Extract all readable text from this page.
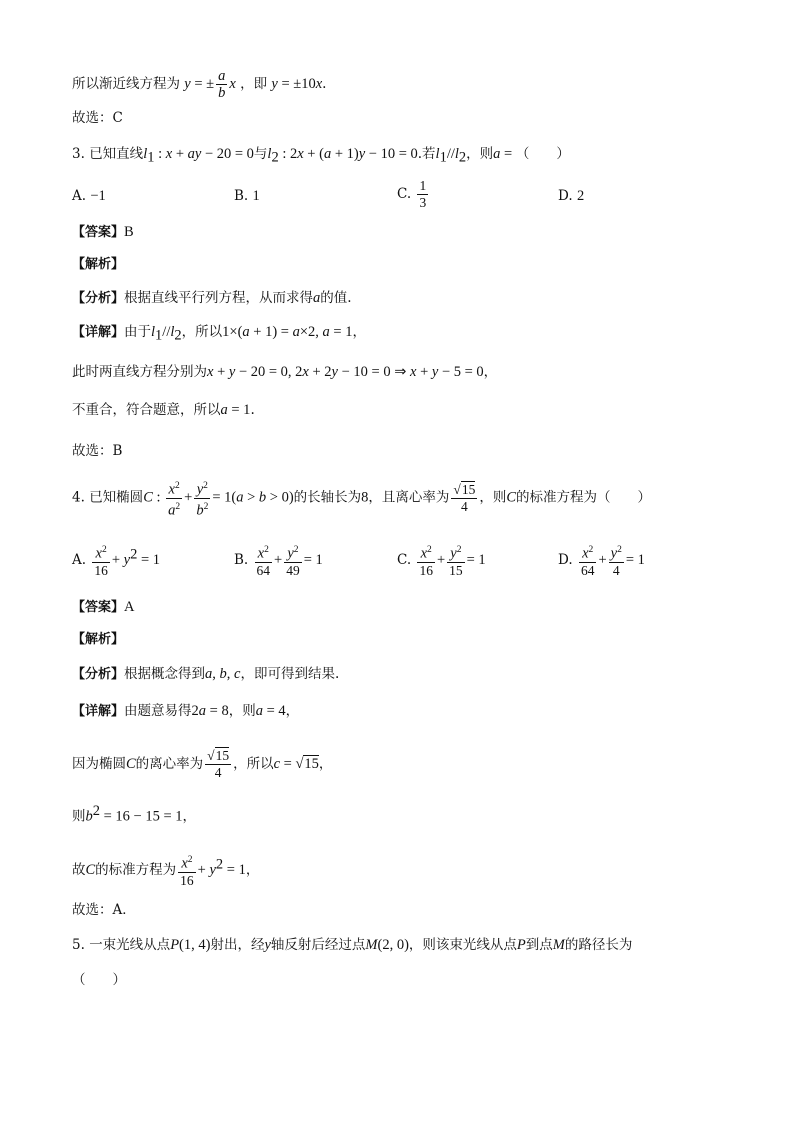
所以渐近线方程为 y = ± $\frac{a}{b}$ x ，即 y = ±10x.
故选：C
3. 已知直线$l_1$ : x + ay − 20 = 0与$l_2$ : 2x + (a + 1)y − 10 = 0.若$l_1//l_2$，则a = （　　）
A. −1	B. 1	C. $\frac{1}{3}$	D. 2
【答案】B
【解析】
【分析】根据直线平行列方程，从而求得a的值.
【详解】由于$l_1//l_2$，所以1×(a + 1) = a×2, a = 1，
此时两直线方程分别为x + y − 20 = 0, 2x + 2y − 10 = 0 ⇒ x + y − 5 = 0，
不重合，符合题意，所以a = 1.
故选：B
4. 已知椭圆C : $\frac{x^2}{a^2} + \frac{y^2}{b^2} = 1(a > b > 0)$的长轴长为8，且离心率为 $\frac{√15}{4}$ ，则C的标准方程为（　　）
A. $\frac{x^2}{16} + y^2 = 1$	B. $\frac{x^2}{64} + \frac{y^2}{49} = 1$	C. $\frac{x^2}{16} + \frac{y^2}{15} = 1$	D. $\frac{x^2}{64} + \frac{y^2}{4} = 1$
【答案】A
【解析】
【分析】根据概念得到a, b, c，即可得到结果.
【详解】由题意易得2a = 8，则a = 4，
因为椭圆C的离心率为 $\frac{√15}{4}$ ，所以c = √15，
则$b^2 = 16 - 15 = 1$，
故C的标准方程为 $\frac{x^2}{16} + y^2 = 1$，
故选：A．
5. 一束光线从点P(1, 4)射出，经y轴反射后经过点M(2, 0)，则该束光线从点P到点M的路径长为
（　　）
